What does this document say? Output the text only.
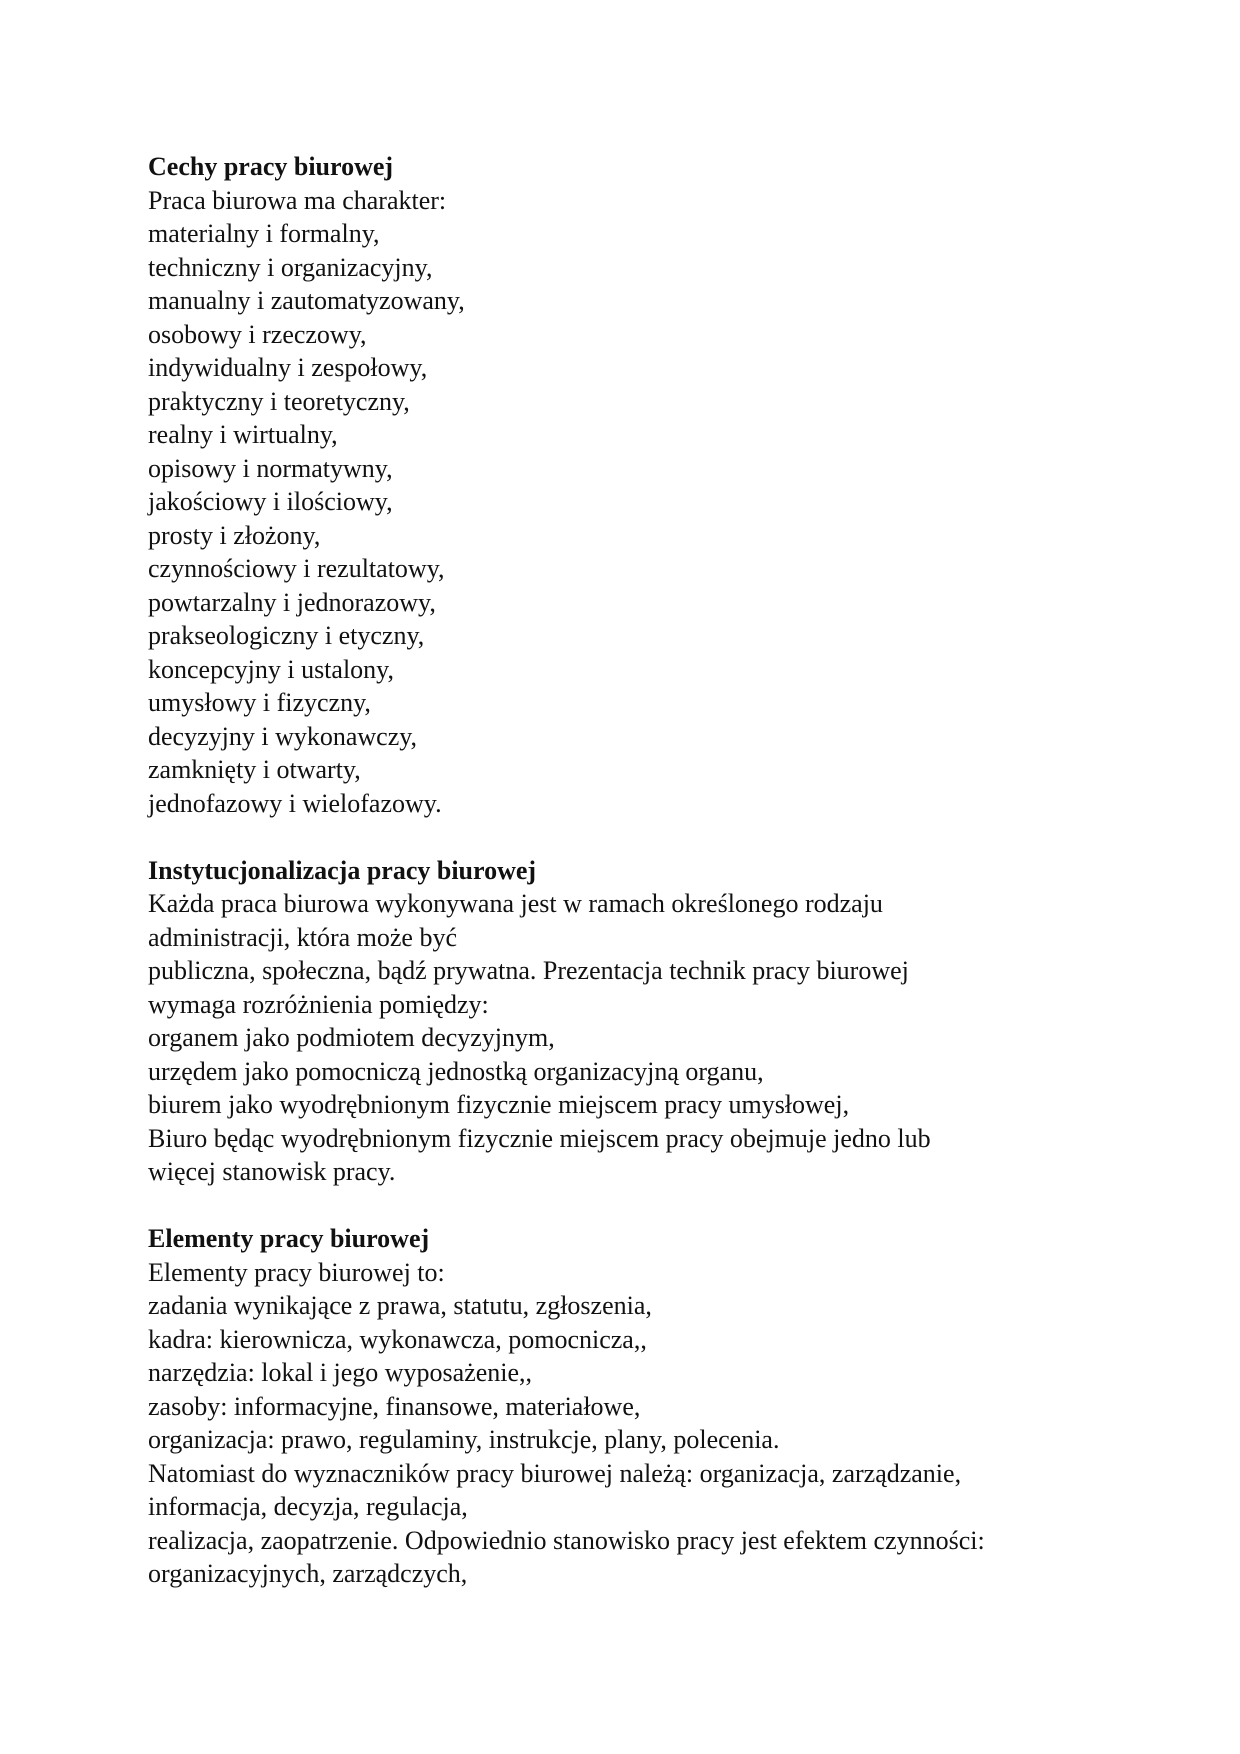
Cechy pracy biurowej
Praca biurowa ma charakter:
materialny i formalny,
techniczny i organizacyjny,
manualny i zautomatyzowany,
osobowy i rzeczowy,
indywidualny i zespołowy,
praktyczny i teoretyczny,
realny i wirtualny,
opisowy i normatywny,
jakościowy i ilościowy,
prosty i złożony,
czynnościowy i rezultatowy,
powtarzalny i jednorazowy,
prakseologiczny i etyczny,
koncepcyjny i ustalony,
umysłowy i fizyczny,
decyzyjny i wykonawczy,
zamknięty i otwarty,
jednofazowy i wielofazowy.
Instytucjonalizacja pracy biurowej
Każda praca biurowa wykonywana jest w ramach określonego rodzaju
administracji, która może być
publiczna, społeczna, bądź prywatna. Prezentacja technik pracy biurowej
wymaga rozróżnienia pomiędzy:
organem jako podmiotem decyzyjnym,
urzędem jako pomocniczą jednostką organizacyjną organu,
biurem jako wyodrębnionym fizycznie miejscem pracy umysłowej,
Biuro będąc wyodrębnionym fizycznie miejscem pracy obejmuje jedno lub
więcej stanowisk pracy.
Elementy pracy biurowej
Elementy pracy biurowej to:
zadania wynikające z prawa, statutu, zgłoszenia,
kadra: kierownicza, wykonawcza, pomocnicza,,
narzędzia: lokal i jego wyposażenie,,
zasoby: informacyjne, finansowe, materiałowe,
organizacja: prawo, regulaminy, instrukcje, plany, polecenia.
Natomiast do wyznaczników pracy biurowej należą: organizacja, zarządzanie,
informacja, decyzja, regulacja,
realizacja, zaopatrzenie. Odpowiednio stanowisko pracy jest efektem czynności:
organizacyjnych, zarządczych,
